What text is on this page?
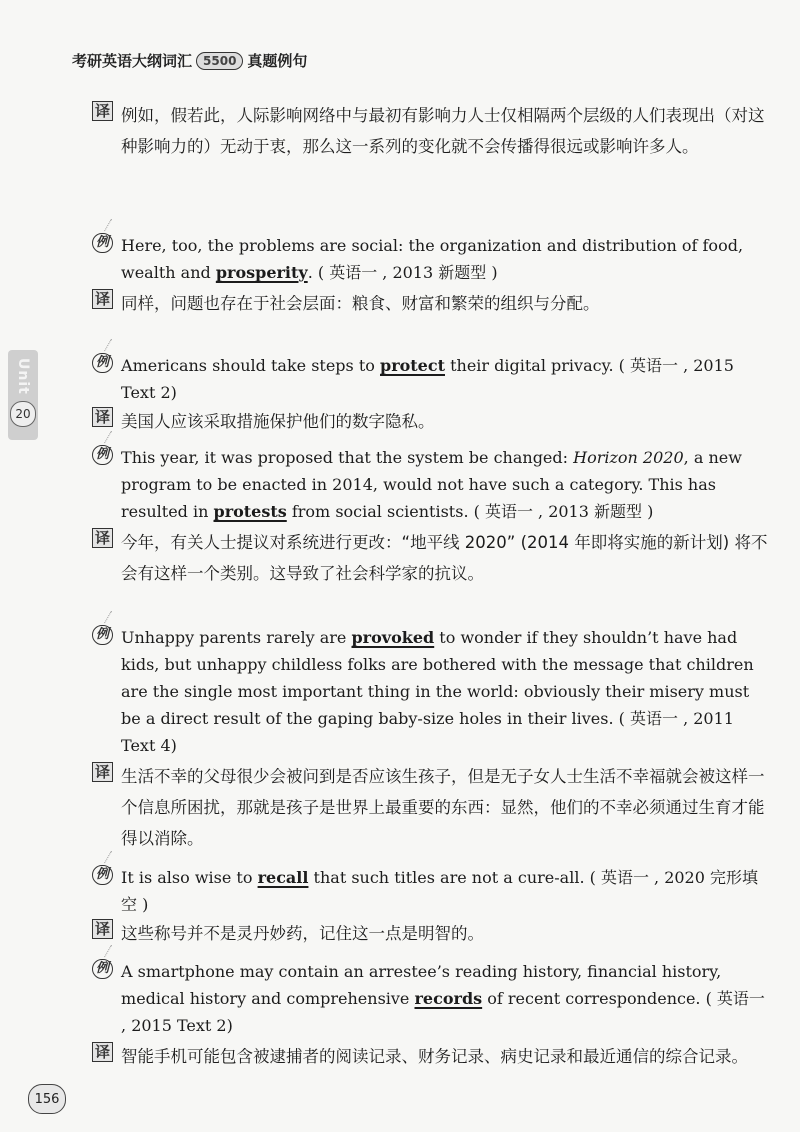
考研英语大纲词汇 5500 真题例句
Unit
20
译 例如，假若此，人际影响网络中与最初有影响力人士仅相隔两个层级的人们表现出（对这种影响力的）无动于衷，那么这一系列的变化就不会传播得很远或影响许多人。
例 Here, too, the problems are social: the organization and distribution of food, wealth and prosperity. ( 英语一 , 2013 新题型 )
译 同样，问题也存在于社会层面：粮食、财富和繁荣的组织与分配。
例 Americans should take steps to protect their digital privacy. ( 英语一 , 2015 Text 2)
译 美国人应该采取措施保护他们的数字隐私。
例 This year, it was proposed that the system be changed: Horizon 2020, a new program to be enacted in 2014, would not have such a category. This has resulted in protests from social scientists. ( 英语一 , 2013 新题型 )
译 今年，有关人士提议对系统进行更改：“地平线 2020” (2014 年即将实施的新计划) 将不会有这样一个类别。这导致了社会科学家的抗议。
例 Unhappy parents rarely are provoked to wonder if they shouldn’t have had kids, but unhappy childless folks are bothered with the message that children are the single most important thing in the world: obviously their misery must be a direct result of the gaping baby-size holes in their lives. ( 英语一 , 2011 Text 4)
译 生活不幸的父母很少会被问到是否应该生孩子，但是无子女人士生活不幸福就会被这样一个信息所困扰，那就是孩子是世界上最重要的东西：显然，他们的不幸必须通过生育才能得以消除。
例 It is also wise to recall that such titles are not a cure-all. ( 英语一 , 2020 完形填空 )
译 这些称号并不是灵丹妙药，记住这一点是明智的。
例 A smartphone may contain an arrestee’s reading history, financial history, medical history and comprehensive records of recent correspondence. ( 英语一 , 2015 Text 2)
译 智能手机可能包含被逮捕者的阅读记录、财务记录、病史记录和最近通信的综合记录。
156
